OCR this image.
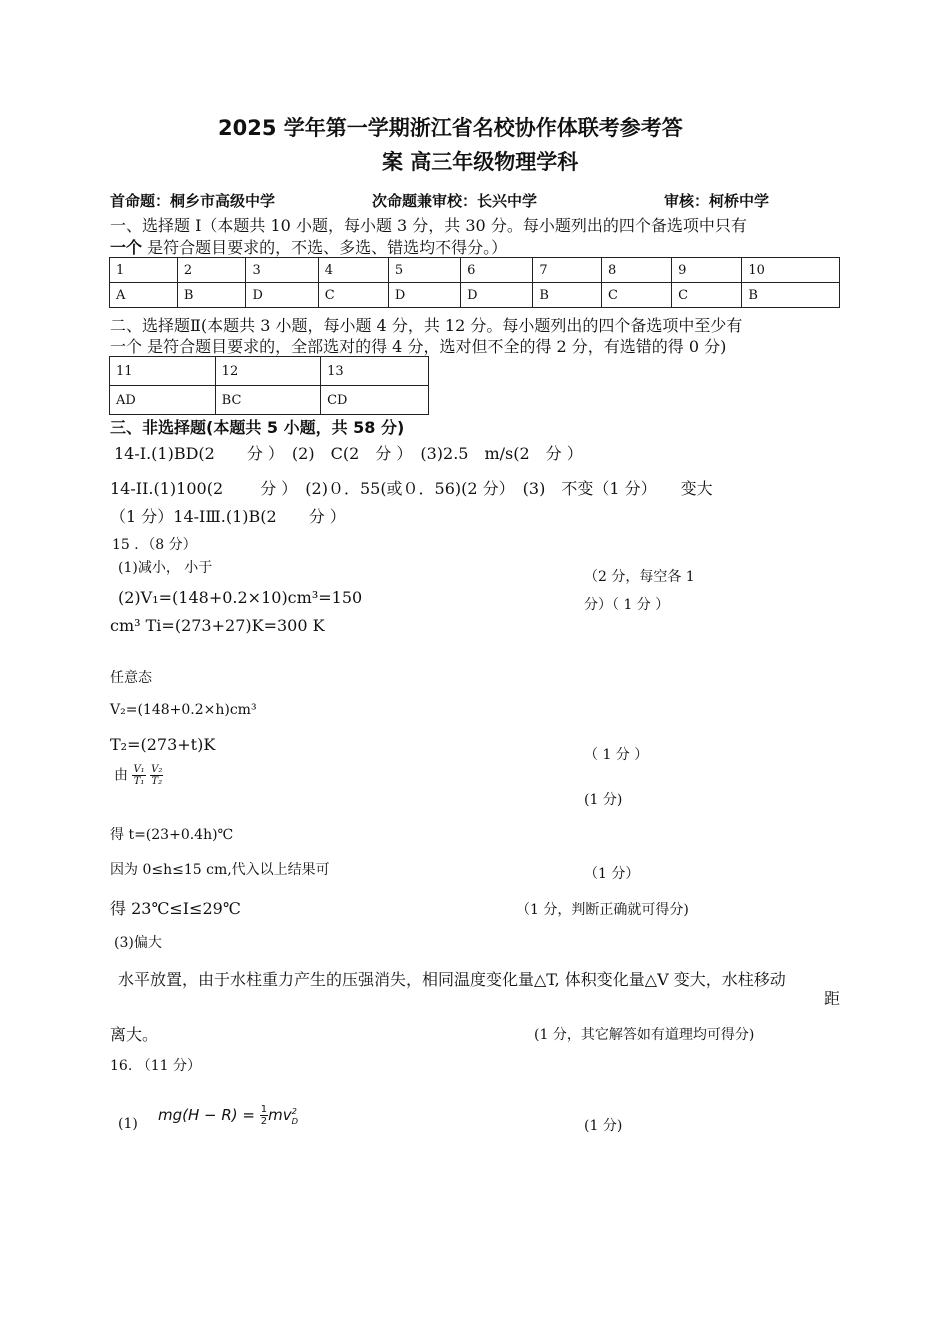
2025 学年第一学期浙江省名校协作体联考参考答
案 高三年级物理学科
首命题：桐乡市高级中学	次命题兼审校：长兴中学	审核：柯桥中学
一、选择题 I（本题共 10 小题，每小题 3 分，共 30 分。每小题列出的四个备选项中只有
一个 是符合题目要求的，不选、多选、错选均不得分。）
1	2	3	4	5	6	7	8	9	10
A	B	D	C	D	D	B	C	C	B
二、选择题Ⅱ(本题共 3 小题，每小题 4 分，共 12 分。每小题列出的四个备选项中至少有
一个 是符合题目要求的，全部选对的得 4 分，选对但不全的得 2 分，有选错的得 0 分)
11	12	13
AD	BC	CD
三、非选择题(本题共 5 小题，共 58 分)
14-I.(1)BD(2　　分 ）　(2)　C(2　分 ）　(3)2.5　m/s(2　分 ）
14-II.(1)100(2　　 分 ）　(2)０．55(或０．56)(2 分）　(3)　不变（1 分）　　变大
（1 分）14-IⅢ.(1)B(2　　分 ）
15 ．（8 分）
(1)减小， 小于
（2 分，每空各 1
分）（ 1 分 ）
(2)V₁=(148+0.2×10)cm³=150
cm³ Ti=(273+27)K=300 K
任意态
V₂=(148+0.2×h)cm³
T₂=(273+t)K
（ 1 分 ）
由 $\frac{\text{V₁}}{\text{T₁}}$
$\frac{\text{V₂}}{\text{T₂}}$
(1 分)
得 t=(23+0.4h)℃
因为 0≤h≤15 cm,代入以上结果可	（1 分）
得 23℃≤I≤29℃	（1 分，判断正确就可得分)
(3)偏大
水平放置，由于水柱重力产生的压强消失，相同温度变化量△T, 体积变化量△V 变大，水柱移动
距
离大。	(1 分，其它解答如有道理均可得分)
16. （11 分）
(1) $mg(H - R) = \frac{1}{2}$ mv 2
D	(1 分)
